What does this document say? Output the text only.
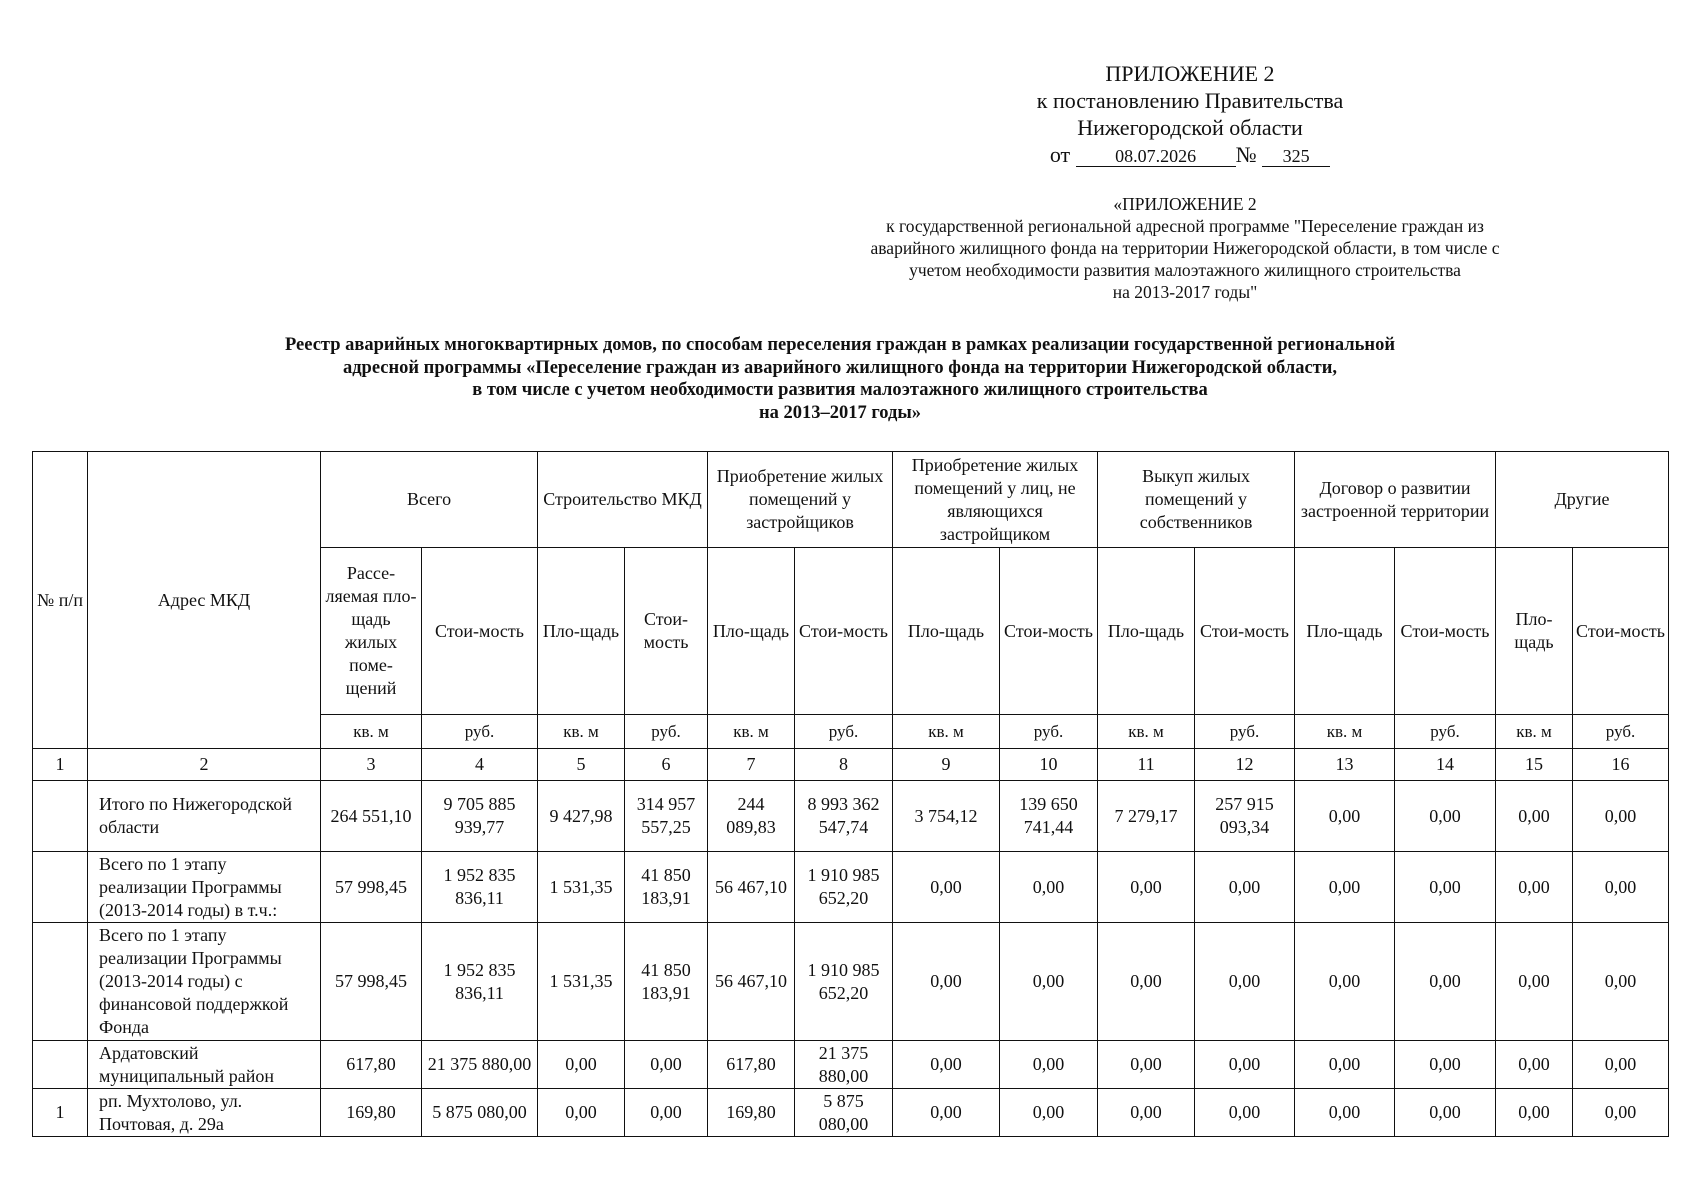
ПРИЛОЖЕНИЕ 2
к постановлению Правительства
Нижегородской области
от	08.07.2026 № 325
«ПРИЛОЖЕНИЕ 2
к государственной региональной адресной программе "Переселение граждан из
аварийного жилищного фонда на территории Нижегородской области, в том числе с
учетом необходимости развития малоэтажного жилищного строительства
на 2013-2017 годы"
Реестр аварийных многоквартирных домов, по способам переселения граждан в рамках реализации государственной региональной
адресной программы «Переселение граждан из аварийного жилищного фонда на территории Нижегородской области,
в том числе с учетом необходимости развития малоэтажного жилищного строительства
на 2013–2017 годы»
№ п/п	Адрес МКД	Всего		Строительство МКД		Приобретение жилых помещений у застройщиков		Приобретение жилых помещений у лиц, не являющихся застройщиком		Выкуп жилых помещений у собственников		Договор о развитии застроенной территории		Другие	
		Рассе-ляемая пло-щадь жилых поме-щений	Стои-мость	Пло-щадь	Стои-мость	Пло-щадь	Стои-мость	Пло-щадь	Стои-мость	Пло-щадь	Стои-мость	Пло-щадь	Стои-мость	Пло-щадь	Стои-мость
		кв. м	руб.	кв. м	руб.	кв. м	руб.	кв. м	руб.	кв. м	руб.	кв. м	руб.	кв. м	руб.
1	2	3	4	5	6	7	8	9	10	11	12	13	14	15	16
	Итого по Нижегородской области	264 551,10	9 705 885 939,77	9 427,98	314 957 557,25	244 089,83	8 993 362 547,74	3 754,12	139 650 741,44	7 279,17	257 915 093,34	0,00	0,00	0,00	0,00
	Всего по 1 этапу реализации Программы (2013-2014 годы) в т.ч.:	57 998,45	1 952 835 836,11	1 531,35	41 850 183,91	56 467,10	1 910 985 652,20	0,00	0,00	0,00	0,00	0,00	0,00	0,00	0,00
	Всего по 1 этапу реализации Программы (2013-2014 годы) с финансовой поддержкой Фонда	57 998,45	1 952 835 836,11	1 531,35	41 850 183,91	56 467,10	1 910 985 652,20	0,00	0,00	0,00	0,00	0,00	0,00	0,00	0,00
	Ардатовский муниципальный район	617,80	21 375 880,00	0,00	0,00	617,80	21 375 880,00	0,00	0,00	0,00	0,00	0,00	0,00	0,00	0,00
1	рп. Мухтолово, ул. Почтовая, д. 29а	169,80	5 875 080,00	0,00	0,00	169,80	5 875 080,00	0,00	0,00	0,00	0,00	0,00	0,00	0,00	0,00
